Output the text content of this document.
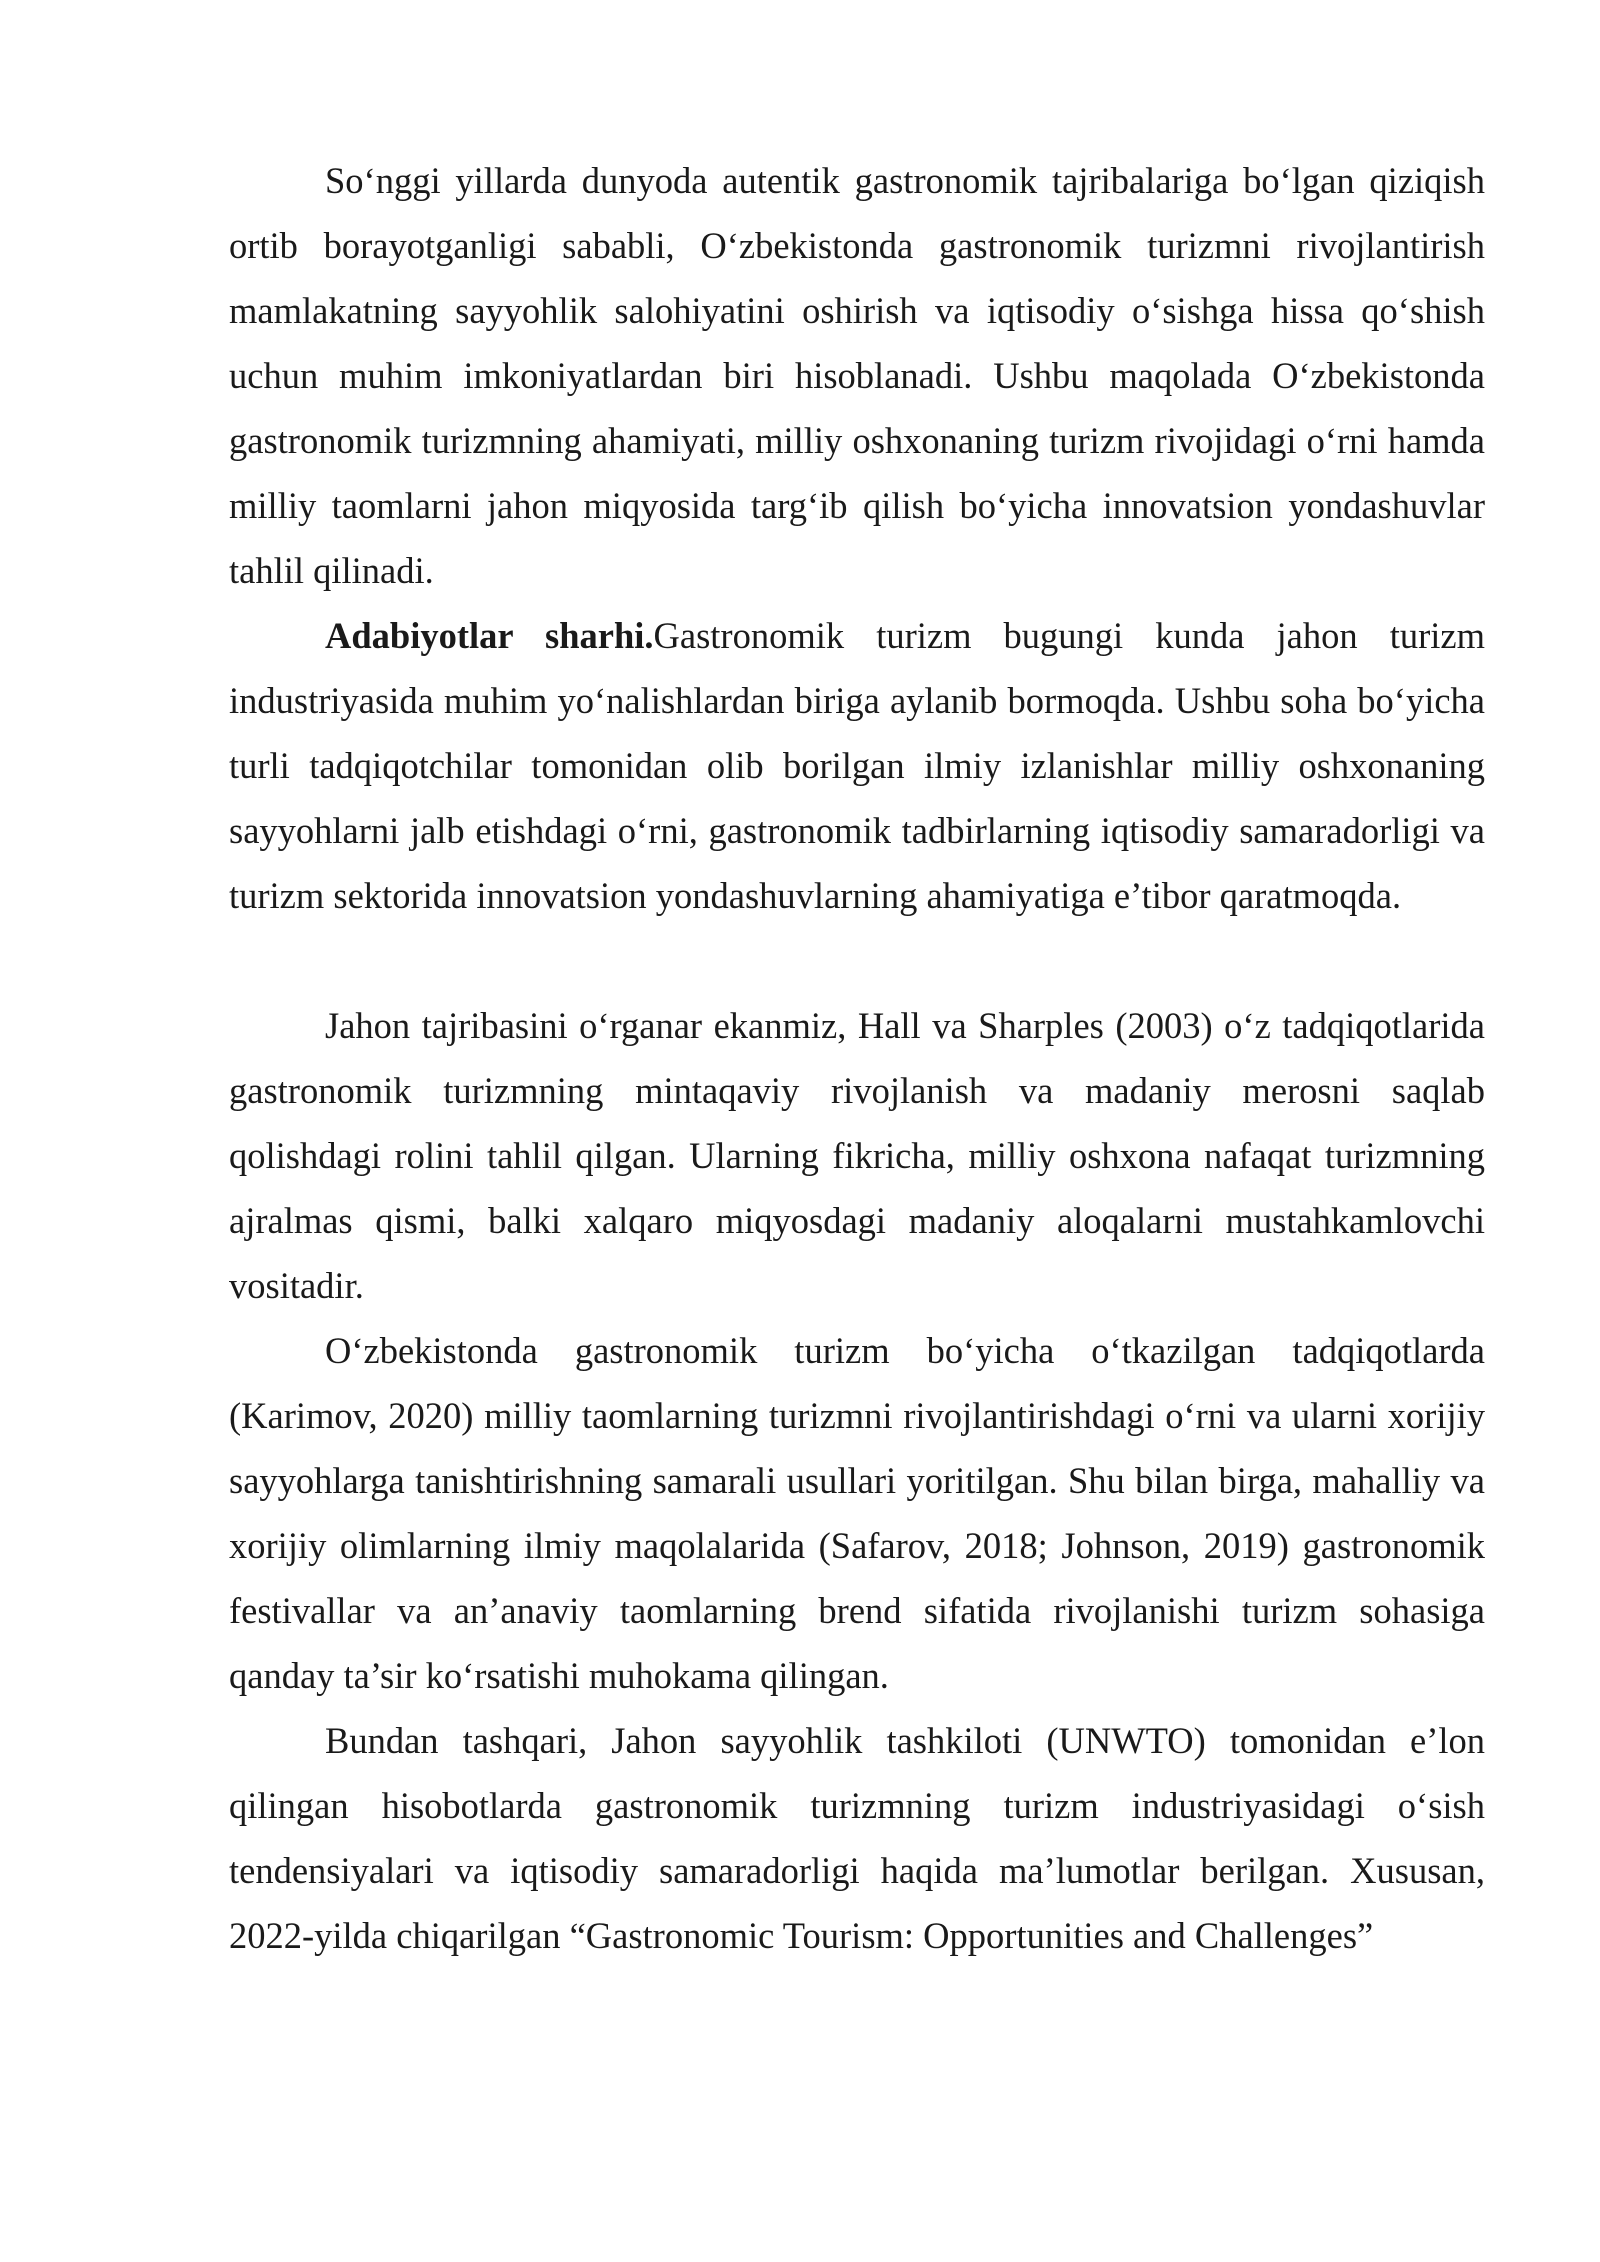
So‘nggi yillarda dunyoda autentik gastronomik tajribalariga bo‘lgan qiziqish ortib borayotganligi sababli, O‘zbekistonda gastronomik turizmni rivojlantirish mamlakatning sayyohlik salohiyatini oshirish va iqtisodiy o‘sishga hissa qo‘shish uchun muhim imkoniyatlardan biri hisoblanadi. Ushbu maqolada O‘zbekistonda gastronomik turizmning ahamiyati, milliy oshxonaning turizm rivojidagi o‘rni hamda milliy taomlarni jahon miqyosida targ‘ib qilish bo‘yicha innovatsion yondashuvlar tahlil qilinadi.

Adabiyotlar sharhi.Gastronomik turizm bugungi kunda jahon turizm industriyasida muhim yo‘nalishlardan biriga aylanib bormoqda. Ushbu soha bo‘yicha turli tadqiqotchilar tomonidan olib borilgan ilmiy izlanishlar milliy oshxonaning sayyohlarni jalb etishdagi o‘rni, gastronomik tadbirlarning iqtisodiy samaradorligi va turizm sektorida innovatsion yondashuvlarning ahamiyatiga e’tibor qaratmoqda.

Jahon tajribasini o‘rganar ekanmiz, Hall va Sharples (2003) o‘z tadqiqotlarida gastronomik turizmning mintaqaviy rivojlanish va madaniy merosni saqlab qolishdagi rolini tahlil qilgan. Ularning fikricha, milliy oshxona nafaqat turizmning ajralmas qismi, balki xalqaro miqyosdagi madaniy aloqalarni mustahkamlovchi vositadir.

O‘zbekistonda gastronomik turizm bo‘yicha o‘tkazilgan tadqiqotlarda (Karimov, 2020) milliy taomlarning turizmni rivojlantirishdagi o‘rni va ularni xorijiy sayyohlarga tanishtirishning samarali usullari yoritilgan. Shu bilan birga, mahalliy va xorijiy olimlarning ilmiy maqolalarida (Safarov, 2018; Johnson, 2019) gastronomik festivallar va an’anaviy taomlarning brend sifatida rivojlanishi turizm sohasiga qanday ta’sir ko‘rsatishi muhokama qilingan.

Bundan tashqari, Jahon sayyohlik tashkiloti (UNWTO) tomonidan e’lon qilingan hisobotlarda gastronomik turizmning turizm industriyasidagi o‘sish tendensiyalari va iqtisodiy samaradorligi haqida ma’lumotlar berilgan. Xususan, 2022-yilda chiqarilgan “Gastronomic Tourism: Opportunities and Challenges”
